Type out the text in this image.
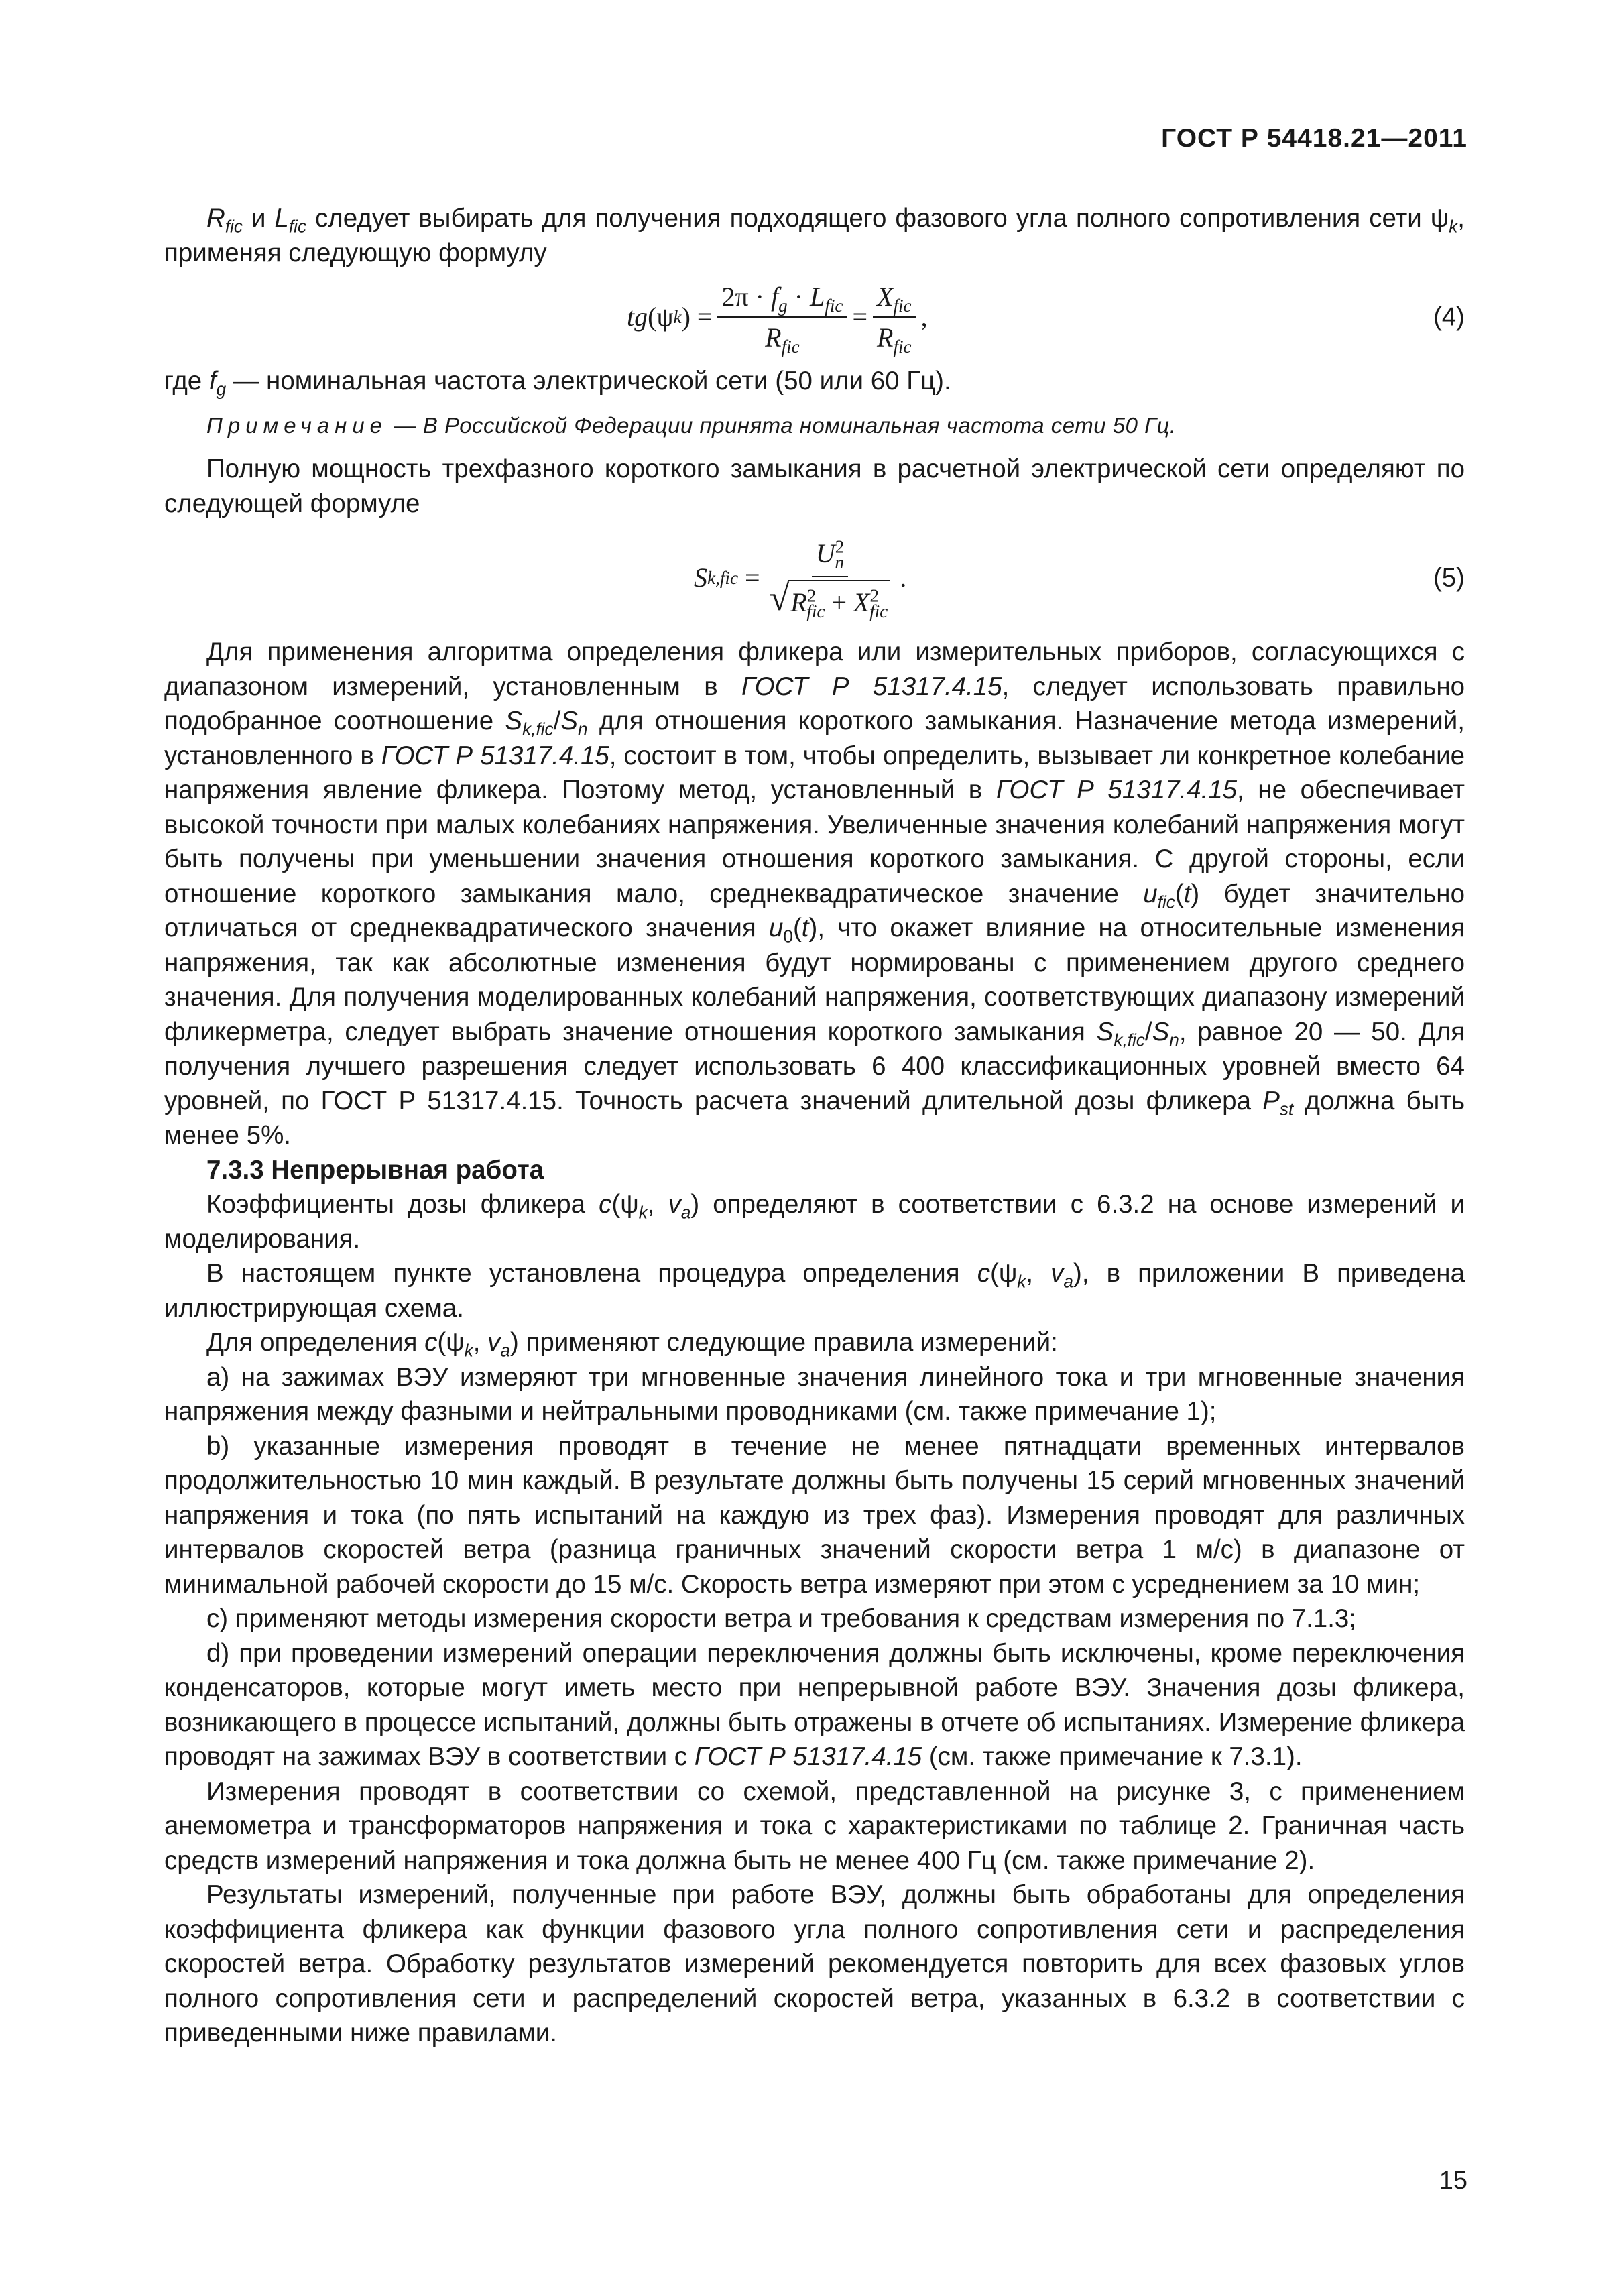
ГОСТ Р 54418.21—2011

$R_{fic}$ и $L_{fic}$ следует выбирать для получения подходящего фазового угла полного сопротивления сети $\psi_k$, применяя следующую формулу

tg (ψ k ) = $\frac{2\pi \cdot f_g \cdot L_{fic}}{R_{fic}} = \frac{X_{fic}}{R_{fic}}$ ,	(4)

где $f_g$ — номинальная частота электрической сети (50 или 60 Гц).

Примечание — В Российской Федерации принята номинальная частота сети 50 Гц.

Полную мощность трехфазного короткого замыкания в расчетной электрической сети определяют по следующей формуле

S $k,fic = \frac{U^2_n}{√ R^2_{fic} + X^2_{fic}}$ .	(5)

Для применения алгоритма определения фликера или измерительных приборов, согласующихся с диапазоном измерений, установленным в ГОСТ Р 51317.4.15, следует использовать правильно подобранное соотношение $S_{k,fic}/S_n$ для отношения короткого замыкания. Назначение метода измерений, установленного в ГОСТ Р 51317.4.15, состоит в том, чтобы определить, вызывает ли конкретное колебание напряжения явление фликера. Поэтому метод, установленный в ГОСТ Р 51317.4.15, не обеспечивает высокой точности при малых колебаниях напряжения. Увеличенные значения колебаний напряжения могут быть получены при уменьшении значения отношения короткого замыкания. С другой стороны, если отношение короткого замыкания мало, среднеквадратическое значение $u_{fic}(t)$ будет значительно отличаться от среднеквадратического значения $u_0(t)$, что окажет влияние на относительные изменения напряжения, так как абсолютные изменения будут нормированы с применением другого среднего значения. Для получения моделированных колебаний напряжения, соответствующих диапазону измерений фликерметра, следует выбрать значение отношения короткого замыкания $S_{k,fic}/S_n$, равное 20 — 50. Для получения лучшего разрешения следует использовать 6 400 классификационных уровней вместо 64 уровней, по ГОСТ Р 51317.4.15. Точность расчета значений длительной дозы фликера $P_{st}$ должна быть менее 5%.

7.3.3 Непрерывная работа

Коэффициенты дозы фликера $c(\psi_k$, $v_a$) определяют в соответствии с 6.3.2 на основе измерений и моделирования.

В настоящем пункте установлена процедура определения $c(\psi_k$, $v_a$), в приложении В приведена иллюстрирующая схема.

Для определения $c(\psi_k$, $v_a$) применяют следующие правила измерений:

а) на зажимах ВЭУ измеряют три мгновенные значения линейного тока и три мгновенные значения напряжения между фазными и нейтральными проводниками (см. также примечание 1);

b) указанные измерения проводят в течение не менее пятнадцати временных интервалов продолжительностью 10 мин каждый. В результате должны быть получены 15 серий мгновенных значений напряжения и тока (по пять испытаний на каждую из трех фаз). Измерения проводят для различных интервалов скоростей ветра (разница граничных значений скорости ветра 1 м/с) в диапазоне от минимальной рабочей скорости до 15 м/с. Скорость ветра измеряют при этом с усреднением за 10 мин;

с) применяют методы измерения скорости ветра и требования к средствам измерения по 7.1.3;

d) при проведении измерений операции переключения должны быть исключены, кроме переключения конденсаторов, которые могут иметь место при непрерывной работе ВЭУ. Значения дозы фликера, возникающего в процессе испытаний, должны быть отражены в отчете об испытаниях. Измерение фликера проводят на зажимах ВЭУ в соответствии с ГОСТ Р 51317.4.15 (см. также примечание к 7.3.1).

Измерения проводят в соответствии со схемой, представленной на рисунке 3, с применением анемометра и трансформаторов напряжения и тока с характеристиками по таблице 2. Граничная часть средств измерений напряжения и тока должна быть не менее 400 Гц (см. также примечание 2).

Результаты измерений, полученные при работе ВЭУ, должны быть обработаны для определения коэффициента фликера как функции фазового угла полного сопротивления сети и распределения скоростей ветра. Обработку результатов измерений рекомендуется повторить для всех фазовых углов полного сопротивления сети и распределений скоростей ветра, указанных в 6.3.2 в соответствии с приведенными ниже правилами.

15
